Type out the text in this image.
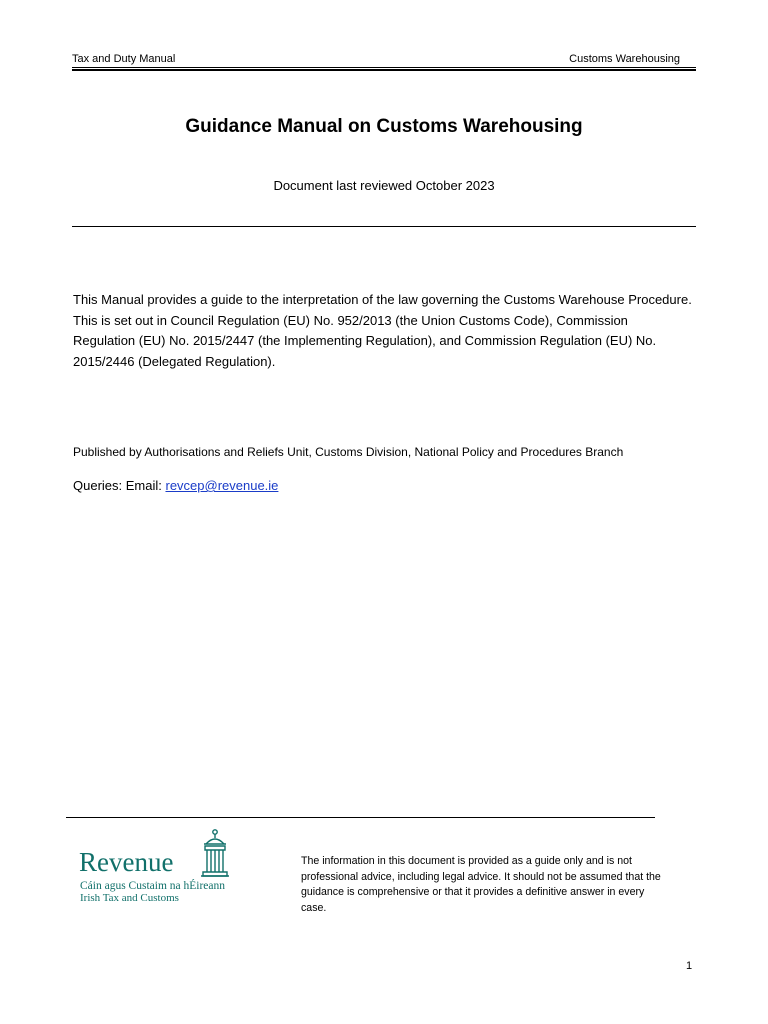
Tax and Duty Manual	Customs Warehousing
Guidance Manual on Customs Warehousing
Document last reviewed October 2023

This Manual provides a guide to the interpretation of the law governing the Customs Warehouse Procedure. This is set out in Council Regulation (EU) No. 952/2013 (the Union Customs Code), Commission Regulation (EU) No. 2015/2447 (the Implementing Regulation), and Commission Regulation (EU) No. 2015/2446 (Delegated Regulation).

Published by Authorisations and Reliefs Unit, Customs Division, National Policy and Procedures Branch

Queries: Email: revcep@revenue.ie

Revenue
Cáin agus Custaim na hÉireann
Irish Tax and Customs

The information in this document is provided as a guide only and is not professional advice, including legal advice. It should not be assumed that the guidance is comprehensive or that it provides a definitive answer in every case.

1
